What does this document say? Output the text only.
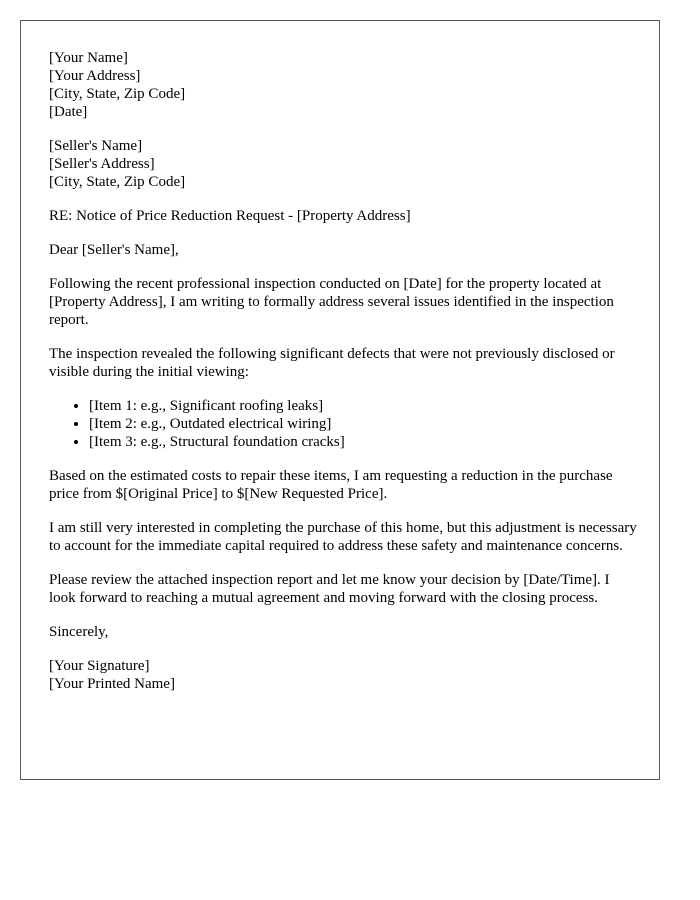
[Your Name]
[Your Address]
[City, State, Zip Code]
[Date]
[Seller's Name]
[Seller's Address]
[City, State, Zip Code]

RE: Notice of Price Reduction Request - [Property Address]

Dear [Seller's Name],

Following the recent professional inspection conducted on [Date] for the property located at [Property Address], I am writing to formally address several issues identified in the inspection report.

The inspection revealed the following significant defects that were not previously disclosed or visible during the initial viewing:

• [Item 1: e.g., Significant roofing leaks]
• [Item 2: e.g., Outdated electrical wiring]
• [Item 3: e.g., Structural foundation cracks]

Based on the estimated costs to repair these items, I am requesting a reduction in the purchase price from $[Original Price] to $[New Requested Price].

I am still very interested in completing the purchase of this home, but this adjustment is necessary to account for the immediate capital required to address these safety and maintenance concerns.

Please review the attached inspection report and let me know your decision by [Date/Time]. I look forward to reaching a mutual agreement and moving forward with the closing process.

Sincerely,

[Your Signature]
[Your Printed Name]
